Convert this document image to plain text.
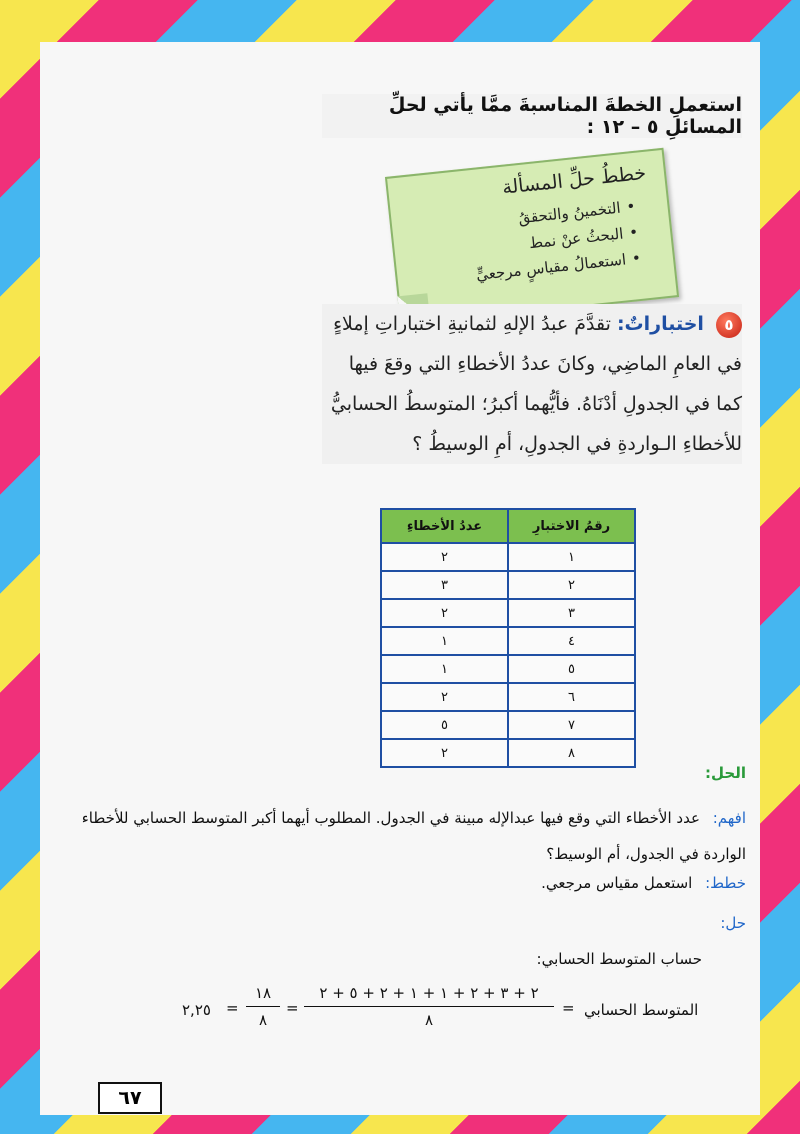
استعملِ الخطةَ المناسبةَ ممَّا يأتي لحلِّ المسائلِ ٥ – ١٢ :
خططُ حلِّ المسألة
• التخمينُ والتحققُ
• البحثُ عنْ نمط
• استعمالُ مقياسٍ مرجعيٍّ
٥ اختباراتٌ: تقدَّمَ عبدُ الإلهِ لثمانيةِ اختباراتِ إملاءٍ في العامِ الماضِي، وكانَ عددُ الأخطاءِ التي وقعَ فيها كما في الجدولِ أدْنَاهُ. فأيُّهما أكبرُ؛ المتوسطُ الحسابيُّ للأخطاءِ الـواردةِ في الجدولِ، أمِ الوسيطُ ؟
رقمُ الاختبارِ	عددُ الأخطاءِ
١	٢
٢	٣
٣	٢
٤	١
٥	١
٦	٢
٧	٥
٨	٢
الحل:
افهم: عدد الأخطاء التي وقع فيها عبدالإله مبينة في الجدول. المطلوب أيهما أكبر المتوسط الحسابي للأخطاء الواردة في الجدول، أم الوسيط؟
خطط: استعمل مقياس مرجعي.
حل:
حساب المتوسط الحسابي:
٢,٢٥ =
١٨
٨
=
٢ + ٣ + ٢ + ١ + ١ + ٢ + ٥ + ٢
٨
= المتوسط الحسابي
٦٧
